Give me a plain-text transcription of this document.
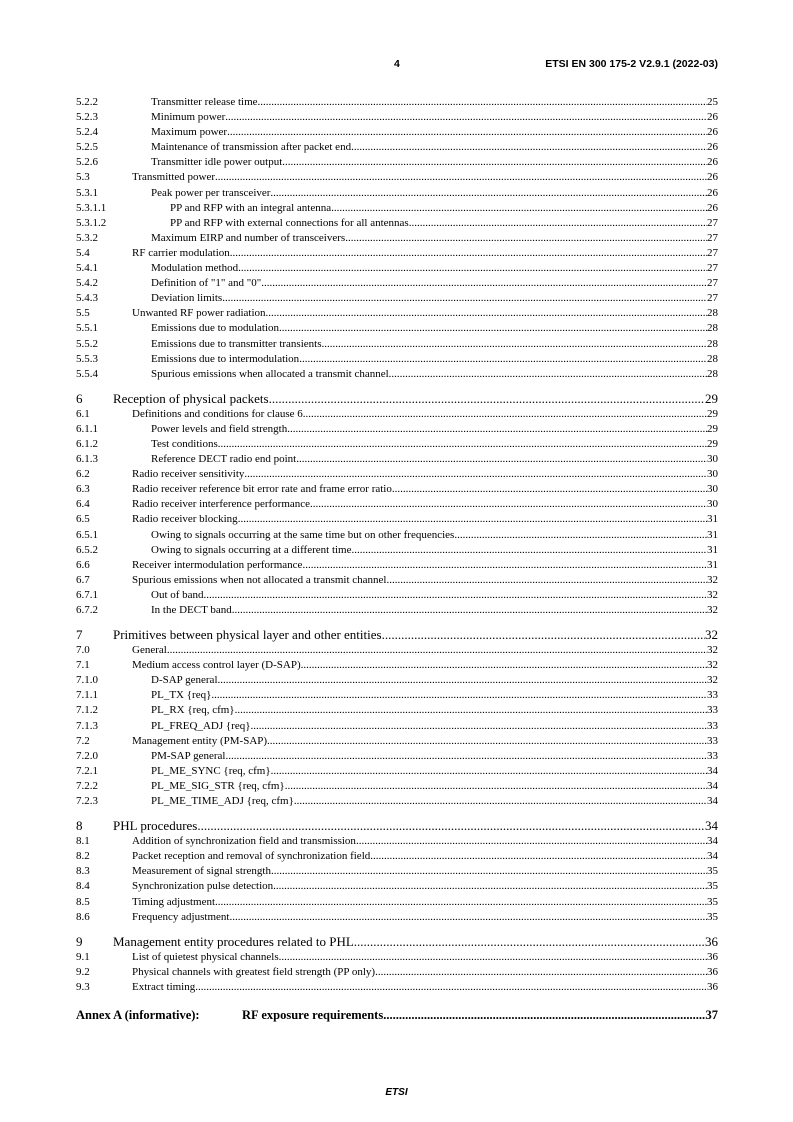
4	ETSI EN 300 175-2 V2.9.1 (2022-03)
5.2.2	Transmitter release time .....	25
5.2.3	Minimum power .....	26
5.2.4	Maximum power .....	26
5.2.5	Maintenance of transmission after packet end .....	26
5.2.6	Transmitter idle power output .....	26
5.3	Transmitted power .....	26
5.3.1	Peak power per transceiver .....	26
5.3.1.1	PP and RFP with an integral antenna .....	26
5.3.1.2	PP and RFP with external connections for all antennas .....	27
5.3.2	Maximum EIRP and number of transceivers .....	27
5.4	RF carrier modulation .....	27
5.4.1	Modulation method .....	27
5.4.2	Definition of "1" and "0" .....	27
5.4.3	Deviation limits .....	27
5.5	Unwanted RF power radiation .....	28
5.5.1	Emissions due to modulation .....	28
5.5.2	Emissions due to transmitter transients .....	28
5.5.3	Emissions due to intermodulation .....	28
5.5.4	Spurious emissions when allocated a transmit channel .....	28
6	Reception of physical packets .....	29
6.1	Definitions and conditions for clause 6 .....	29
6.1.1	Power levels and field strength .....	29
6.1.2	Test conditions .....	29
6.1.3	Reference DECT radio end point .....	30
6.2	Radio receiver sensitivity .....	30
6.3	Radio receiver reference bit error rate and frame error ratio .....	30
6.4	Radio receiver interference performance .....	30
6.5	Radio receiver blocking .....	31
6.5.1	Owing to signals occurring at the same time but on other frequencies .....	31
6.5.2	Owing to signals occurring at a different time .....	31
6.6	Receiver intermodulation performance .....	31
6.7	Spurious emissions when not allocated a transmit channel .....	32
6.7.1	Out of band .....	32
6.7.2	In the DECT band .....	32
7	Primitives between physical layer and other entities .....	32
7.0	General .....	32
7.1	Medium access control layer (D-SAP) .....	32
7.1.0	D-SAP general .....	32
7.1.1	PL_TX {req} .....	33
7.1.2	PL_RX {req, cfm} .....	33
7.1.3	PL_FREQ_ADJ {req} .....	33
7.2	Management entity (PM-SAP) .....	33
7.2.0	PM-SAP general .....	33
7.2.1	PL_ME_SYNC {req, cfm} .....	34
7.2.2	PL_ME_SIG_STR {req, cfm} .....	34
7.2.3	PL_ME_TIME_ADJ {req, cfm} .....	34
8	PHL procedures .....	34
8.1	Addition of synchronization field and transmission .....	34
8.2	Packet reception and removal of synchronization field .....	34
8.3	Measurement of signal strength .....	35
8.4	Synchronization pulse detection .....	35
8.5	Timing adjustment .....	35
8.6	Frequency adjustment .....	35
9	Management entity procedures related to PHL .....	36
9.1	List of quietest physical channels .....	36
9.2	Physical channels with greatest field strength (PP only) .....	36
9.3	Extract timing .....	36
Annex A (informative):	RF exposure requirements .....	37
ETSI
